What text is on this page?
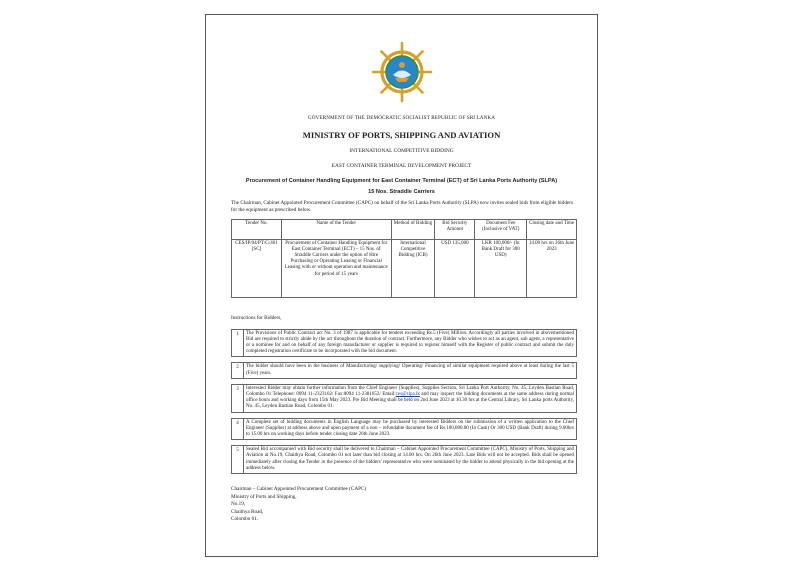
GOVERNMENT OF THE DEMOCRATIC SOCIALIST REPUBLIC OF SRI LANKA
MINISTRY OF PORTS, SHIPPING AND AVIATION
INTERNATIONAL COMPETITIVE BIDDING
EAST CONTAINER TERMINAL DEVELOPMENT PROJECT
Procurement of Container Handling Equipment for East Container Terminal (ECT) of Sri Lanka Ports Authority (SLPA)
15 Nos. Straddle Carriers

The Chairman, Cabinet Appointed Procurement Committee (CAPC) on behalf of the Sri Lanka Ports Authority (SLPA) now invites sealed bids from eligible bidders for the equipment as prescribed below.

Tender No.	Name of the Tender	Method of Bidding	Bid Security Amount	Document Fee (Inclusive of VAT)	Closing date and Time
CES/IP/04/PT/G/461 [SC]	Procurement of Container Handling Equipment for East Container Terminal (ECT) – 15 Nos. of Straddle Carriers under the option of Hire Purchasing or Operating Leasing or Financial Leasing with or without operation and maintenance for period of 15 years	International Competitive Bidding (ICB)	USD 135,000	LKR 100,000/- (In Bank Draft for 300 USD)	14.00 hrs on 26th June 2023
Instructions for Bidders,
1	The Provisions of Public Contract act No. 3 of 1987 is applicable for tenders exceeding Rs.5 (Five) Million. Accordingly all parties involved in abovementioned Bid are required to strictly abide by the act throughout the duration of contract. Furthermore, any Bidder who wishes to act as an agent, sub agent, a representative or a nominee for and on behalf of any foreign manufacturer or supplier is required to register himself with the Register of public contract and submit the duly completed registration certificate to be incorporated with the bid document.

2	The bidder should have been in the business of Manufacturing/ supplying/ Operating/ Financing of similar equipment required above at least during the last 5 (Five) years.

3	Interested Bidder may obtain further information from the Chief Engineer (Supplies), Supplies Section, Sri Lanka Port Authority, No. 45, Leyden Bastian Road, Colombo 01 Telephone: 0094 11-2323102/ Fax:0094 11-2381652/ Email:ces@slpa.lk and may inspect the bidding documents at the same address during normal office hours and working days from 15th May 2023. Pre Bid Meeting shall be held on 2nd June 2023 at 10.30 hrs at the Central Library, Sri Lanka ports Authority, No. 45, Leyden Bastian Road, Colombo 01.

4	A Complete set of bidding documents in English Language may be purchased by interested Bidders on the submission of a written application to the Chief Engineer (Supplies) at address above and upon payment of a non – refundable document fee of Rs.100,000.00 (In Cash) Or 300 USD (Bank Draft) during 9.00hrs to 15.00 hrs on working days before tender closing date 26th June 2023.

5	Sealed Bid accompanied with Bid security shall be delivered to Chairman – Cabinet Appointed Procurement Committee (CAPC), Ministry of Ports, Shipping and Aviation at No.19, Chaithya Road, Colombo 01 not later than bid closing at 14.00 hrs. On 26th June 2023. Late Bids will not be accepted. Bids shall be opened immediately after closing the Tender in the presence of the bidders' representative who were nominated by the bidder to attend physically in the bid opening at the address below.
Chairman – Cabinet Appointed Procurement Committee (CAPC)
Ministry of Ports and Shipping,
No.19,
Chaithya Road,
Colombo 01.
